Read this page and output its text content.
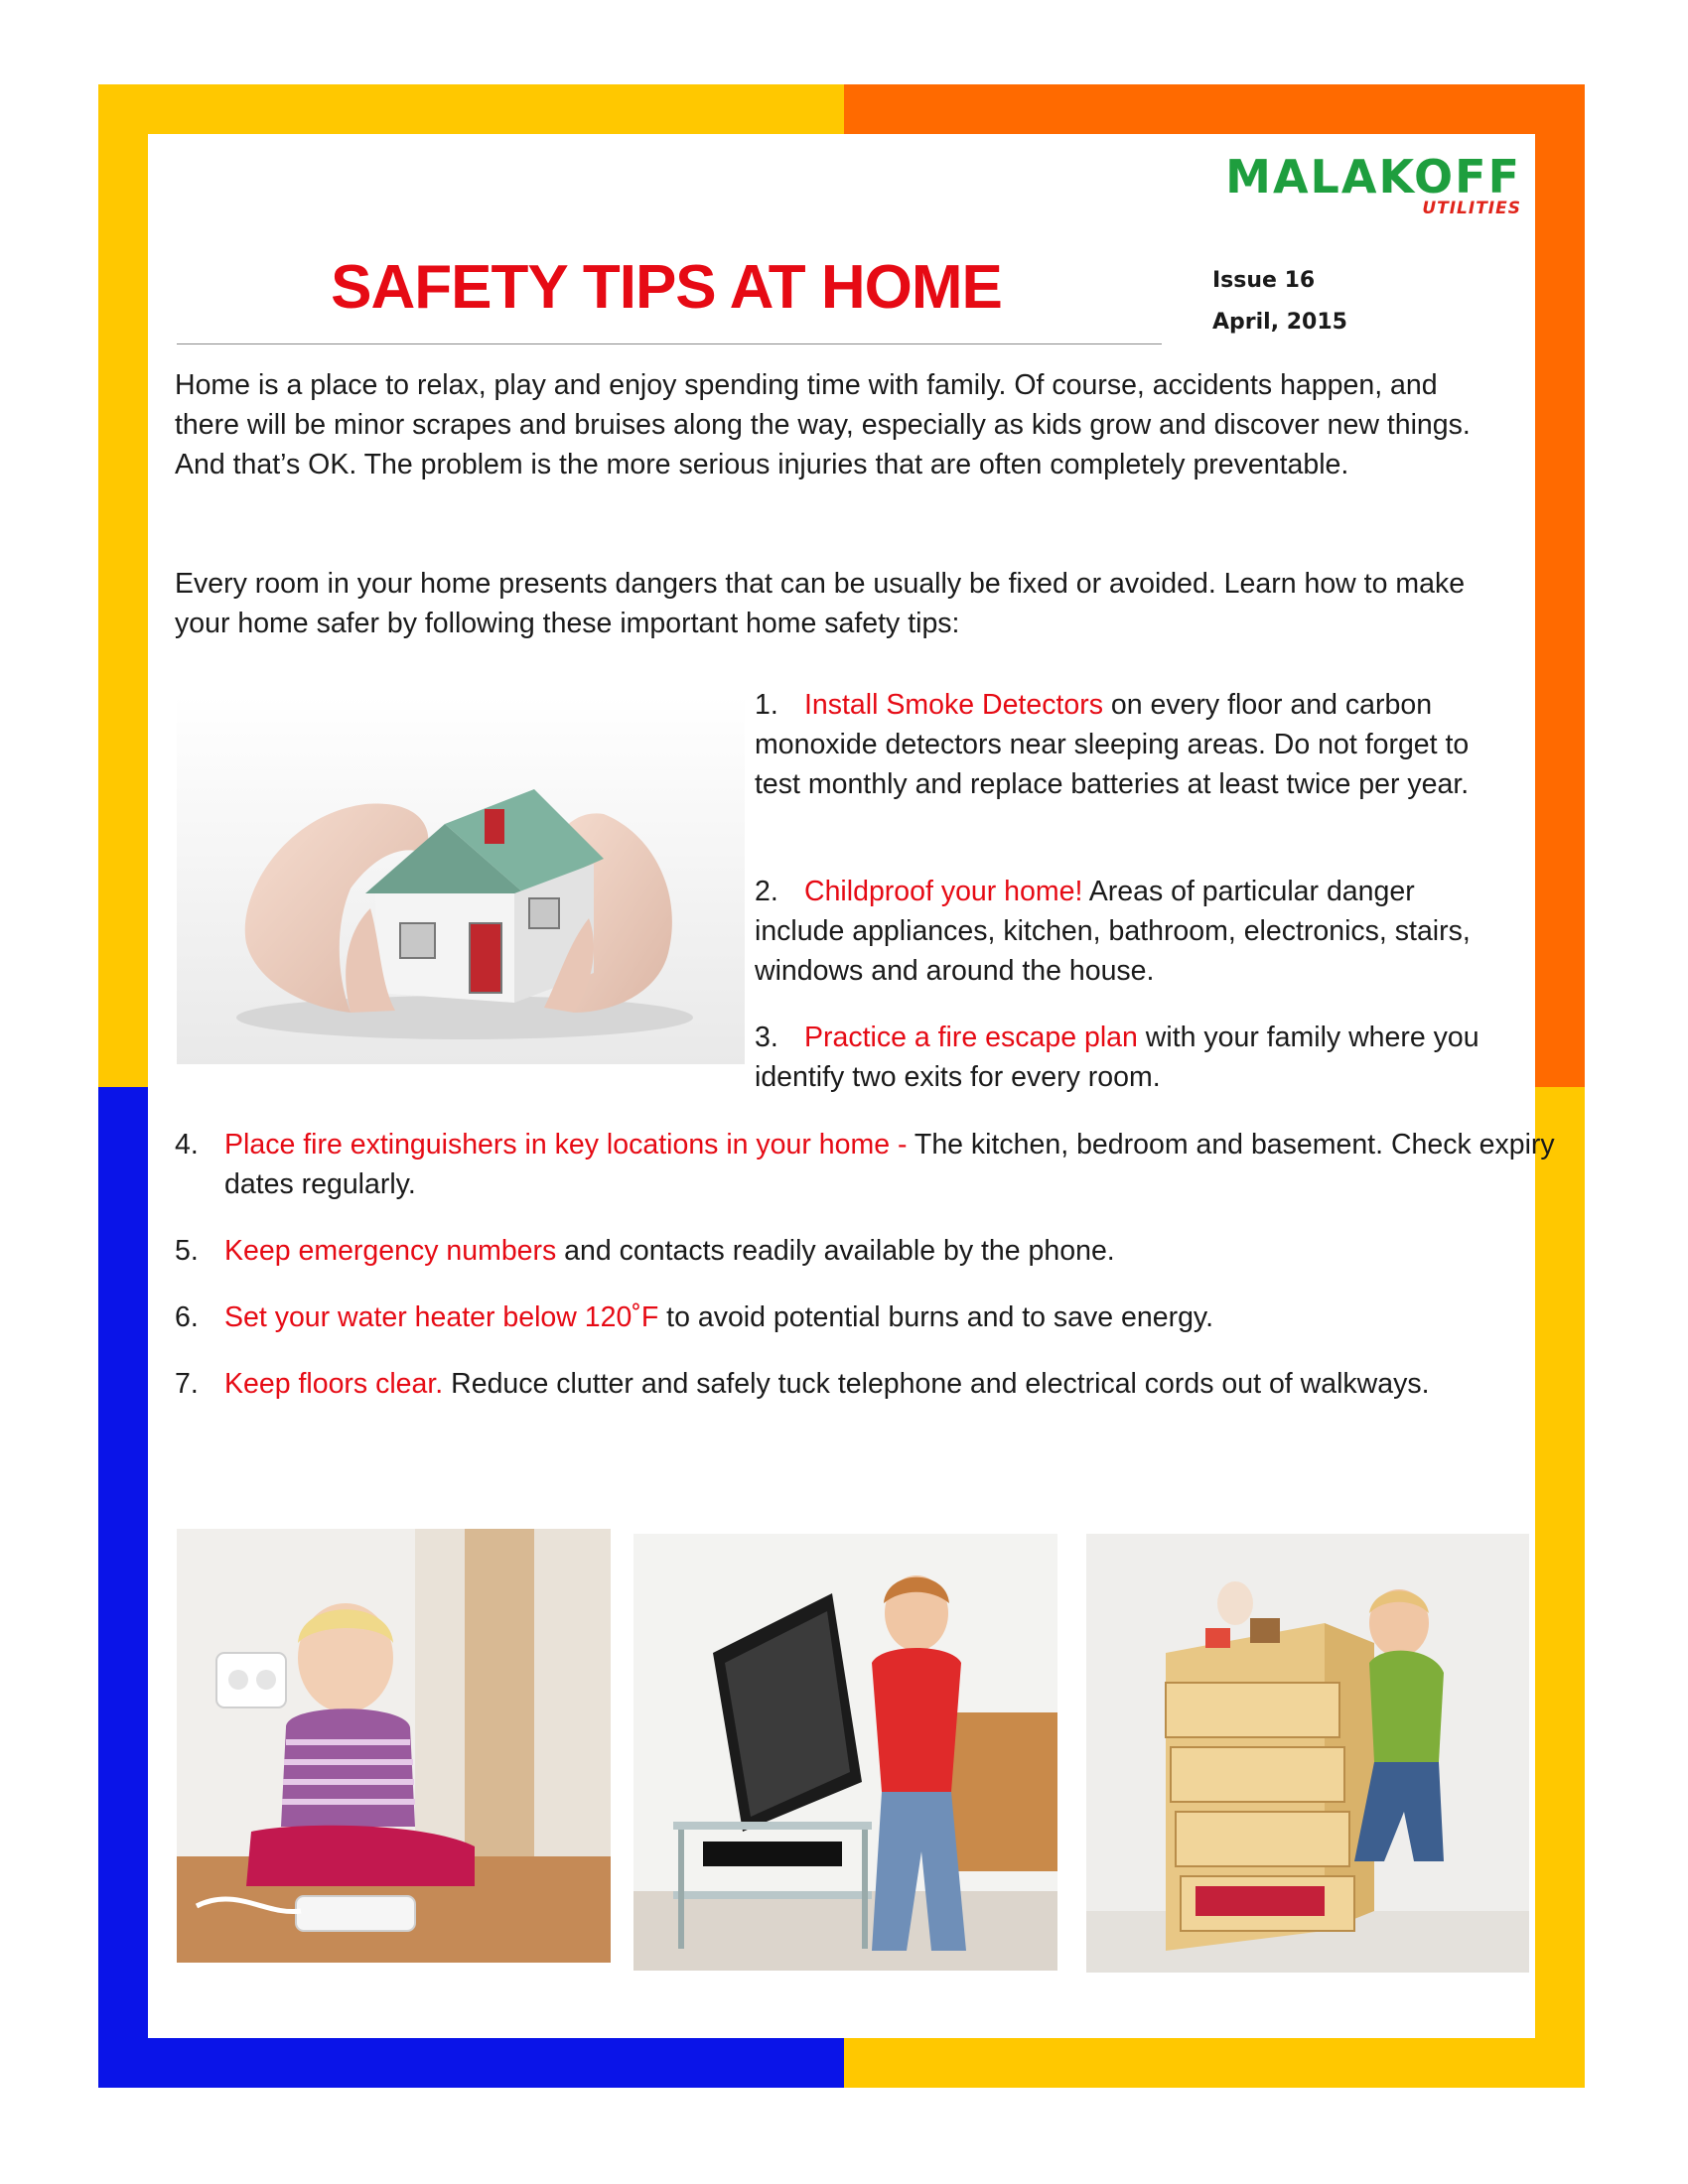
MALAKOFF
UTILITIES
SAFETY TIPS AT HOME	Issue 16
April, 2015

Home is a place to relax, play and enjoy spending time with family. Of course, accidents happen, and there will be minor scrapes and bruises along the way, especially as kids grow and discover new things. And that’s OK. The problem is the more serious injuries that are often completely preventable.

Every room in your home presents dangers that can be usually be fixed or avoided. Learn how to make your home safer by following these important home safety tips:

1. Install Smoke Detectors on every floor and carbon monoxide detectors near sleeping areas. Do not forget to test monthly and replace batteries at least twice per year.

2. Childproof your home! Areas of particular danger include appliances, kitchen, bathroom, electronics, stairs, windows and around the house.

3. Practice a fire escape plan with your family where you identify two exits for every room.

4. Place fire extinguishers in key locations in your home - The kitchen, bedroom and basement. Check expiry dates regularly.

5. Keep emergency numbers and contacts readily available by the phone.

6. Set your water heater below 120˚F to avoid potential burns and to save energy.

7. Keep floors clear. Reduce clutter and safely tuck telephone and electrical cords out of walkways.
